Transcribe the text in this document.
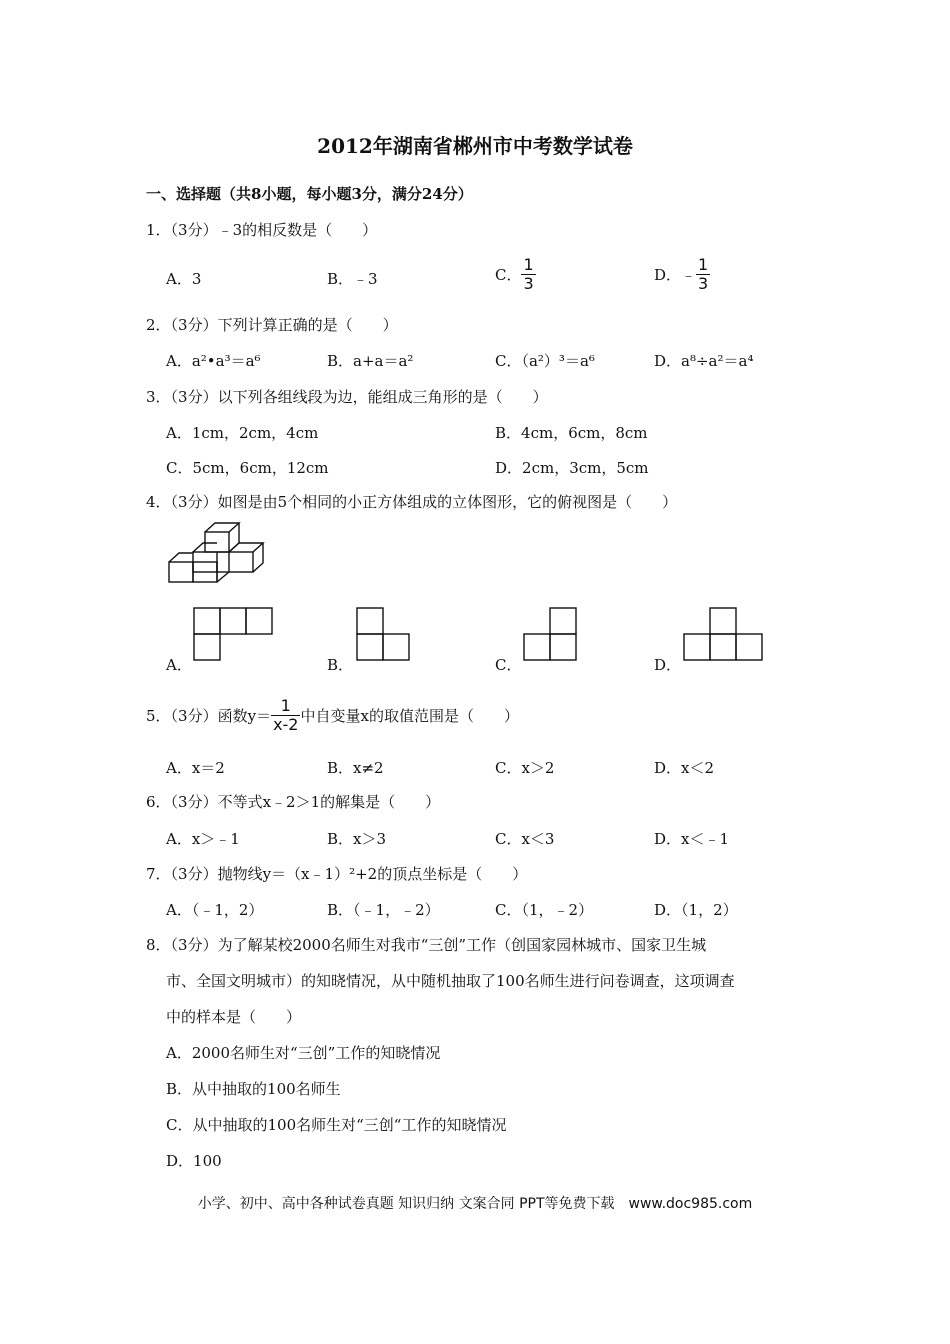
2012年湖南省郴州市中考数学试卷
一、选择题（共8小题，每小题3分，满分24分）
1．（3分）﹣3的相反数是（　　）
A．3	B．﹣3	C． $\frac{1}{3}$	D．﹣ $\frac{1}{3}$
2．（3分）下列计算正确的是（　　）
A．a²•a³＝a⁶	B．a+a＝a²	C．（a²）³＝a⁶	D．a⁸÷a²＝a⁴
3．（3分）以下列各组线段为边，能组成三角形的是（　　）
A．1cm，2cm，4cm	B．4cm，6cm，8cm
C．5cm，6cm，12cm	D．2cm，3cm，5cm
4．（3分）如图是由5个相同的小正方体组成的立体图形，它的俯视图是（　　）
A．	B．	C．	D．
5．（3分）函数$y= \frac{1}{x-2}$ 中自变量x的取值范围是（　　）
A．x＝2	B．x≠2	C．x＞2	D．x＜2
6．（3分）不等式x﹣2＞1的解集是（　　）
A．x＞﹣1	B．x＞3	C．x＜3	D．x＜﹣1
7．（3分）抛物线y＝（x﹣1）²+2的顶点坐标是（　　）
A．（﹣1，2）	B．（﹣1，﹣2）	C．（1，﹣2）	D．（1，2）
8．（3分）为了解某校2000名师生对我市“三创”工作（创国家园林城市、国家卫生城
市、全国文明城市）的知晓情况，从中随机抽取了100名师生进行问卷调查，这项调查
中的样本是（　　）
A．2000名师生对“三创”工作的知晓情况
B．从中抽取的100名师生
C．从中抽取的100名师生对“三创“工作的知晓情况
D．100
小学、初中、高中各种试卷真题 知识归纳 文案合同 PPT等免费下载　www.doc985.com
